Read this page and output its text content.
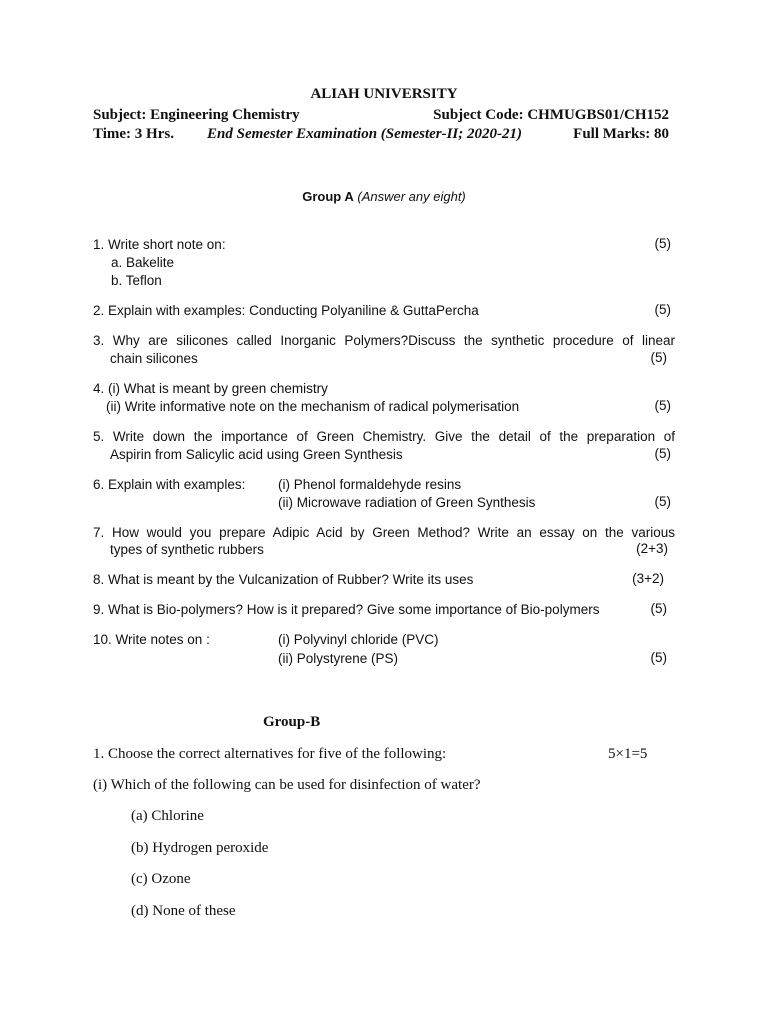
ALIAH UNIVERSITY
Subject: Engineering Chemistry	Subject Code: CHMUGBS01/CH152
Time: 3 Hrs. End Semester Examination (Semester-II; 2020-21)	Full Marks: 80
Group A (Answer any eight)
1. Write short note on:	(5)
a. Bakelite
b. Teflon
2. Explain with examples: Conducting Polyaniline & GuttaPercha	(5)
3. Why are silicones called Inorganic Polymers?Discuss the synthetic procedure of linear
chain silicones	(5)
4. (i) What is meant by green chemistry
(ii) Write informative note on the mechanism of radical polymerisation	(5)
5. Write down the importance of Green Chemistry. Give the detail of the preparation of
Aspirin from Salicylic acid using Green Synthesis	(5)
6. Explain with examples: (i) Phenol formaldehyde resins
(ii) Microwave radiation of Green Synthesis	(5)
7. How would you prepare Adipic Acid by Green Method? Write an essay on the various
types of synthetic rubbers	(2+3)
8. What is meant by the Vulcanization of Rubber? Write its uses	(3+2)
9. What is Bio-polymers? How is it prepared? Give some importance of Bio-polymers	(5)
10. Write notes on :	(i) Polyvinyl chloride (PVC)
(ii) Polystyrene (PS)	(5)
Group-B
1. Choose the correct alternatives for five of the following:	5×1=5
(i) Which of the following can be used for disinfection of water?
(a) Chlorine
(b) Hydrogen peroxide
(c) Ozone
(d) None of these
